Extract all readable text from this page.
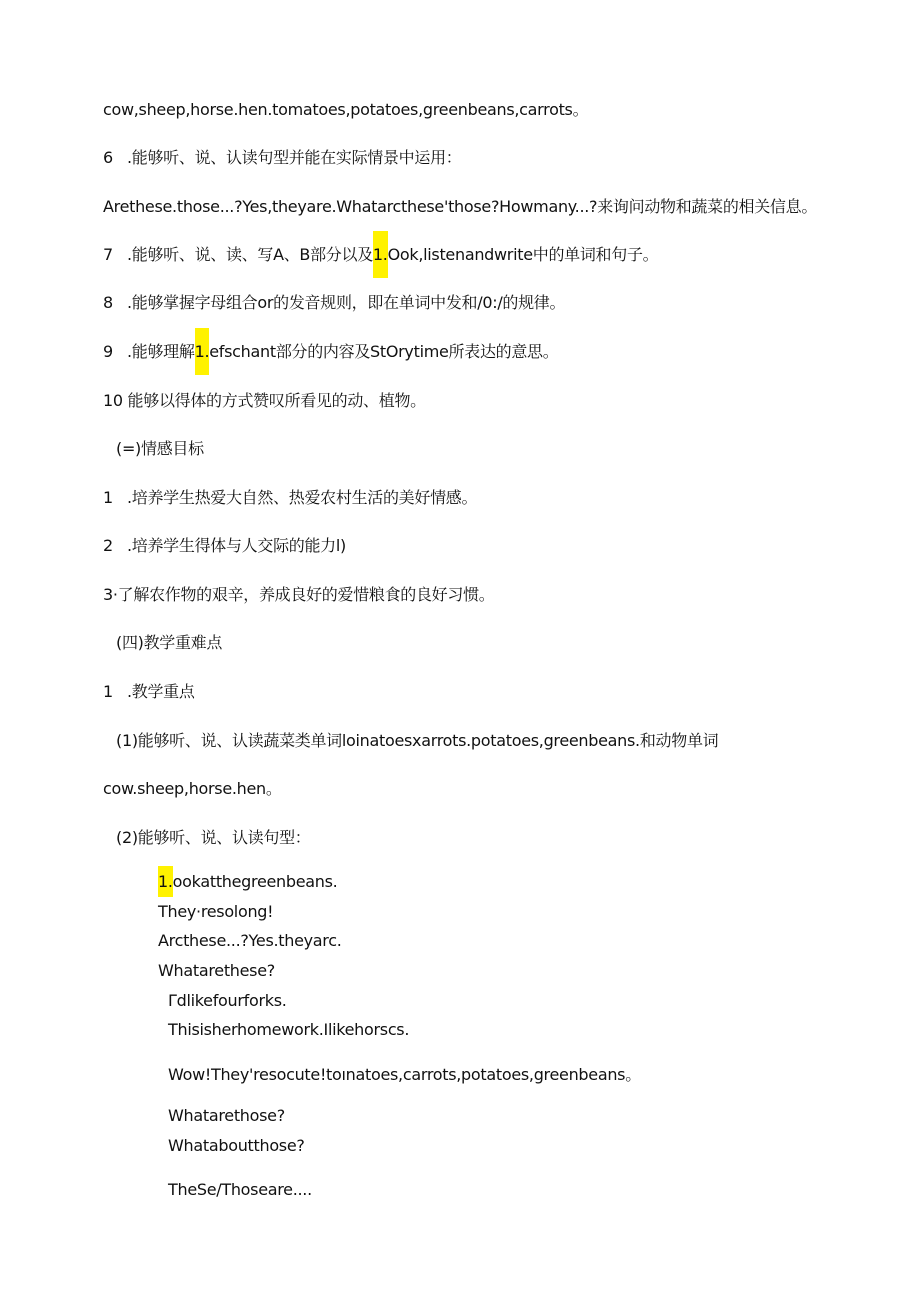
cow,sheep,horse.hen.tomatoes,potatoes,greenbeans,carrots。
6 .能够听、说、认读句型并能在实际情景中运用：
Arethese.those...?Yes,theyare.Whatarcthese'those?Howmany...?来询问动物和蔬菜的相关信息。
7 .能够听、说、读、写A、B部分以及1.Ook,listenandwrite中的单词和句子。
8 .能够掌握字母组合or的发音规则，即在单词中发和/0:/的规律。
9 .能够理解1.efschant部分的内容及StOrytime所表达的意思。
10 能够以得体的方式赞叹所看见的动、植物。
(=)情感目标
1 .培养学生热爱大自然、热爱农村生活的美好情感。
2 .培养学生得体与人交际的能力l)
3·了解农作物的艰辛，养成良好的爱惜粮食的良好习惯。
(四)教学重难点
1 .教学重点
(1)能够听、说、认读蔬菜类单词loinatoesxarrots.potatoes,greenbeans.和动物单词
cow.sheep,horse.hen。
(2)能够听、说、认读句型：
1.ookatthegreenbeans.
They·resolong!
Arcthese...?Yes.theyarc.
Whatarethese?
Γdlikefourforks.
Thisisherhomework.Ilikehorscs.
Wow!They'resocute!toınatoes,carrots,potatoes,greenbeans。
Whatarethose?
Whataboutthose?
TheSe/Thoseare....
